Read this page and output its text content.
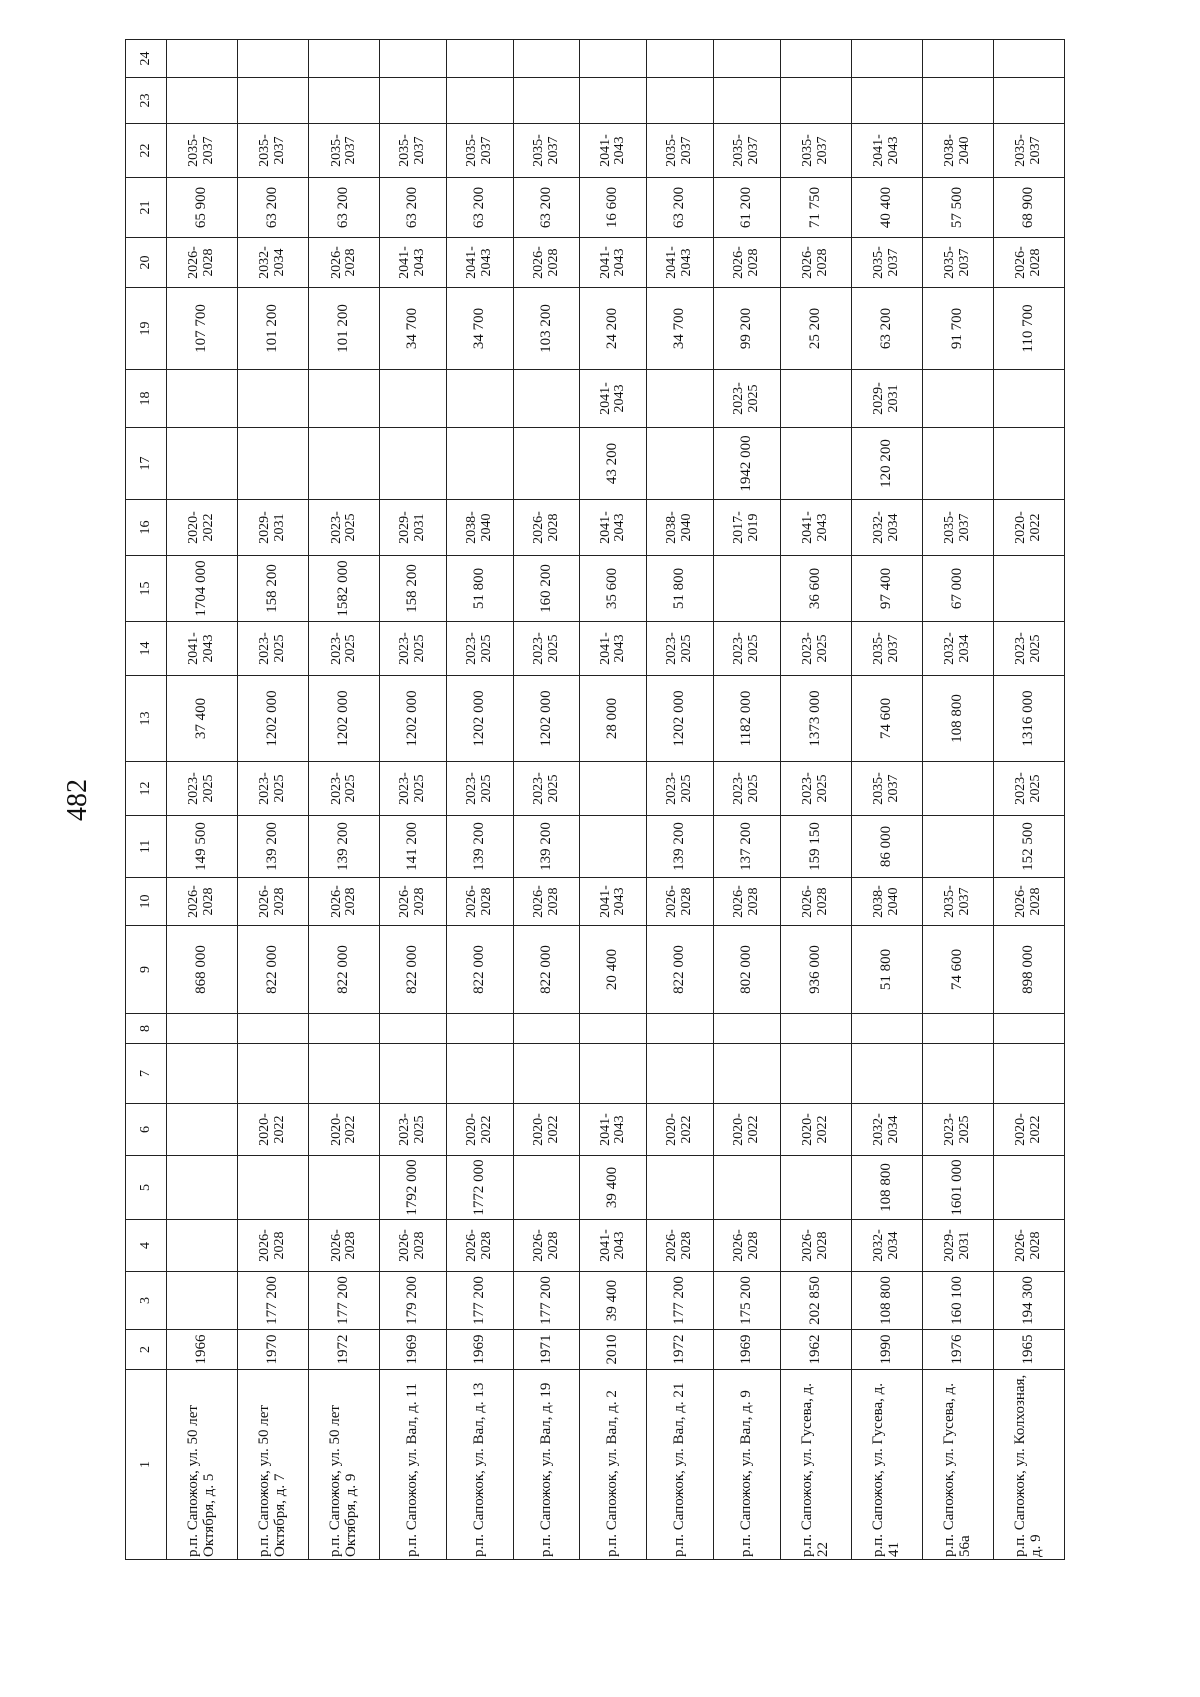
482
1	2	3	4	5	6	7	8	9	10	11	12	13	14	15	16	17	18	19	20	21	22	23	24
р.п. Сапожок, ул. 50 лет Октября, д. 5	1966							868 000	2026-2028	149 500	2023-2025	37 400	2041-2043	1704 000	2020-2022			107 700	2026-2028	65 900	2035-2037		
р.п. Сапожок, ул. 50 лет Октября, д. 7	1970	177 200	2026-2028		2020-2022			822 000	2026-2028	139 200	2023-2025	1202 000	2023-2025	158 200	2029-2031			101 200	2032-2034	63 200	2035-2037		
р.п. Сапожок, ул. 50 лет Октября, д. 9	1972	177 200	2026-2028		2020-2022			822 000	2026-2028	139 200	2023-2025	1202 000	2023-2025	1582 000	2023-2025			101 200	2026-2028	63 200	2035-2037		
р.п. Сапожок, ул. Вал, д. 11	1969	179 200	2026-2028	1792 000	2023-2025			822 000	2026-2028	141 200	2023-2025	1202 000	2023-2025	158 200	2029-2031			34 700	2041-2043	63 200	2035-2037		
р.п. Сапожок, ул. Вал, д. 13	1969	177 200	2026-2028	1772 000	2020-2022			822 000	2026-2028	139 200	2023-2025	1202 000	2023-2025	51 800	2038-2040			34 700	2041-2043	63 200	2035-2037		
р.п. Сапожок, ул. Вал, д. 19	1971	177 200	2026-2028		2020-2022			822 000	2026-2028	139 200	2023-2025	1202 000	2023-2025	160 200	2026-2028			103 200	2026-2028	63 200	2035-2037		
р.п. Сапожок, ул. Вал, д. 2	2010	39 400	2041-2043	39 400	2041-2043			20 400	2041-2043			28 000	2041-2043	35 600	2041-2043	43 200	2041-2043	24 200	2041-2043	16 600	2041-2043		
р.п. Сапожок, ул. Вал, д. 21	1972	177 200	2026-2028		2020-2022			822 000	2026-2028	139 200	2023-2025	1202 000	2023-2025	51 800	2038-2040			34 700	2041-2043	63 200	2035-2037		
р.п. Сапожок, ул. Вал, д. 9	1969	175 200	2026-2028		2020-2022			802 000	2026-2028	137 200	2023-2025	1182 000	2023-2025		2017-2019	1942 000	2023-2025	99 200	2026-2028	61 200	2035-2037		
р.п. Сапожок, ул. Гусева, д. 22	1962	202 850	2026-2028		2020-2022			936 000	2026-2028	159 150	2023-2025	1373 000	2023-2025	36 600	2041-2043			25 200	2026-2028	71 750	2035-2037		
р.п. Сапожок, ул. Гусева, д. 41	1990	108 800	2032-2034	108 800	2032-2034			51 800	2038-2040	86 000	2035-2037	74 600	2035-2037	97 400	2032-2034	120 200	2029-2031	63 200	2035-2037	40 400	2041-2043		
р.п. Сапожок, ул. Гусева, д. 56а	1976	160 100	2029-2031	1601 000	2023-2025			74 600	2035-2037			108 800	2032-2034	67 000	2035-2037			91 700	2035-2037	57 500	2038-2040		
р.п. Сапожок, ул. Колхозная, д. 9	1965	194 300	2026-2028		2020-2022			898 000	2026-2028	152 500	2023-2025	1316 000	2023-2025		2020-2022			110 700	2026-2028	68 900	2035-2037		
